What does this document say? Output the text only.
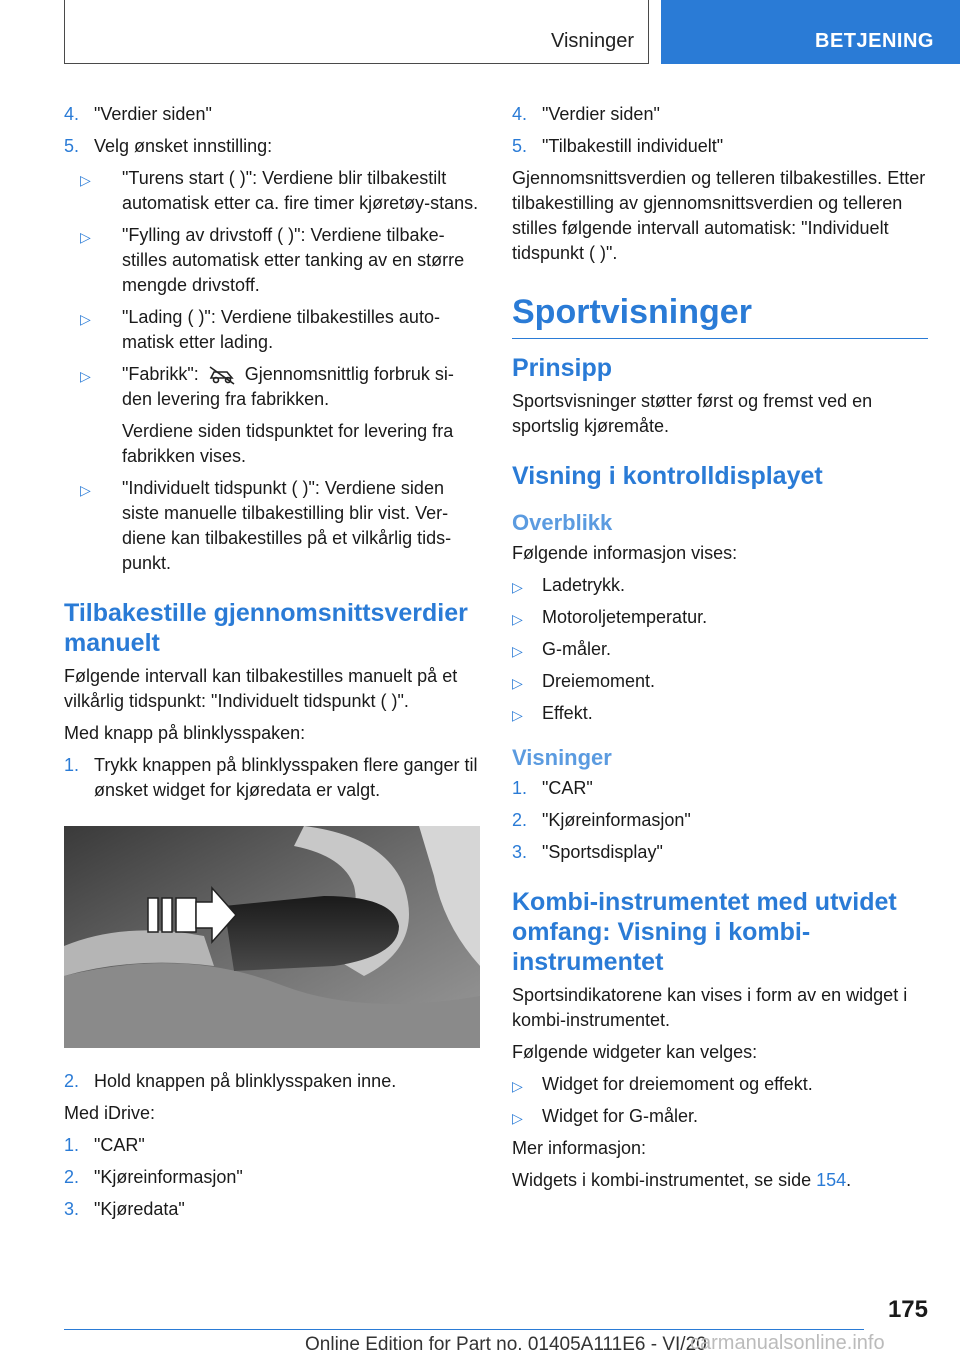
Visninger	BETJENING
4. "Verdier siden"
5. Velg ønsket innstilling:
▷ "Turens start ( )": Verdiene blir tilbakestilt automatisk etter ca. fire timer kjøretøy-stans.
▷ "Fylling av drivstoff ( )": Verdiene tilbake-stilles automatisk etter tanking av en større mengde drivstoff.
▷ "Lading ( )": Verdiene tilbakestilles auto-matisk etter lading.
▷ "Fabrikk":	Gjennomsnittlig forbruk si-den levering fra fabrikken.

Verdiene siden tidspunktet for levering fra fabrikken vises.

▷ "Individuelt tidspunkt ( )": Verdiene siden siste manuelle tilbakestilling blir vist. Ver-diene kan tilbakestilles på et vilkårlig tids-punkt.
Tilbakestille gjennomsnittsverdier manuelt

Følgende intervall kan tilbakestilles manuelt på et vilkårlig tidspunkt: "Individuelt tidspunkt ( )".

Med knapp på blinklysspaken:

1. Trykk knappen på blinklysspaken flere ganger til ønsket widget for kjøredata er valgt.
2. Hold knappen på blinklysspaken inne.

Med iDrive:

1. "CAR"
2. "Kjøreinformasjon"
3. "Kjøredata"
4. "Verdier siden"
5. "Tilbakestill individuelt"

Gjennomsnittsverdien og telleren tilbakestilles. Etter tilbakestilling av gjennomsnittsverdien og telleren stilles følgende intervall automatisk: "Individuelt tidspunkt ( )".

Sportvisninger
Prinsipp

Sportsvisninger støtter først og fremst ved en sportslig kjøremåte.

Visning i kontrolldisplayet
Overblikk

Følgende informasjon vises:

▷ Ladetrykk.
▷ Motoroljetemperatur.
▷ G-måler.
▷ Dreiemoment.
▷ Effekt.
Visninger
1. "CAR"
2. "Kjøreinformasjon"
3. "Sportsdisplay"
Kombi-instrumentet med utvidet omfang: Visning i kombi-instrumentet

Sportsindikatorene kan vises i form av en widget i kombi-instrumentet.

Følgende widgeter kan velges:

▷ Widget for dreiemoment og effekt.
▷ Widget for G-måler.

Mer informasjon:

Widgets i kombi-instrumentet, se side 154.

175
Online Edition for Part no. 01405A111E6 - VI/20
carmanualsonline.info
